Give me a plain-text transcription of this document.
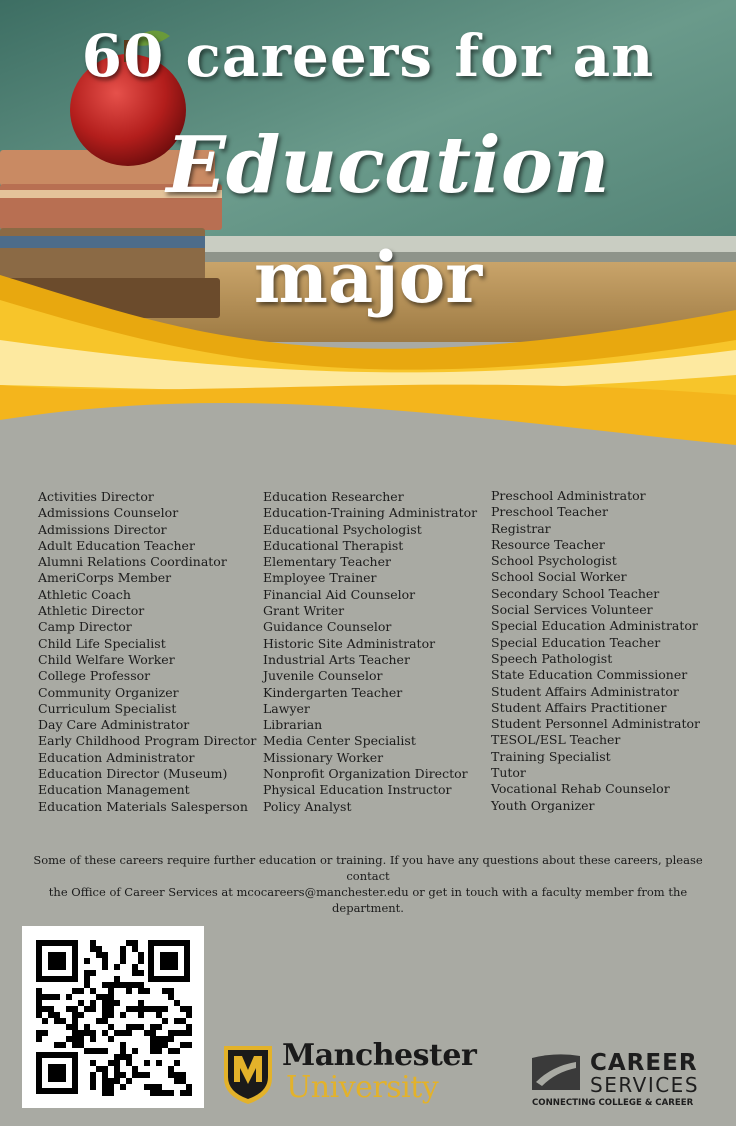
60 careers for an
Education
major
Activities Director
Admissions Counselor
Admissions Director
Adult Education Teacher
Alumni Relations Coordinator
AmeriCorps Member
Athletic Coach
Athletic Director
Camp Director
Child Life Specialist
Child Welfare Worker
College Professor
Community Organizer
Curriculum Specialist
Day Care Administrator
Early Childhood Program Director
Education Administrator
Education Director (Museum)
Education Management
Education Materials Salesperson
Education Researcher
Education-Training Administrator
Educational Psychologist
Educational Therapist
Elementary Teacher
Employee Trainer
Financial Aid Counselor
Grant Writer
Guidance Counselor
Historic Site Administrator
Industrial Arts Teacher
Juvenile Counselor
Kindergarten Teacher
Lawyer
Librarian
Media Center Specialist
Missionary Worker
Nonprofit Organization Director
Physical Education Instructor
Policy Analyst
Preschool Administrator
Preschool Teacher
Registrar
Resource Teacher
School Psychologist
School Social Worker
Secondary School Teacher
Social Services Volunteer
Special Education Administrator
Special Education Teacher
Speech Pathologist
State Education Commissioner
Student Affairs Administrator
Student Affairs Practitioner
Student Personnel Administrator
TESOL/ESL Teacher
Training Specialist
Tutor
Vocational Rehab Counselor
Youth Organizer
Some of these careers require further education or training. If you have any questions about these careers, please contact
the Office of Career Services at mcocareers@manchester.edu or get in touch with a faculty member from the department.
Manchester
University
CAREER
SERVICES
CONNECTING COLLEGE & CAREER
